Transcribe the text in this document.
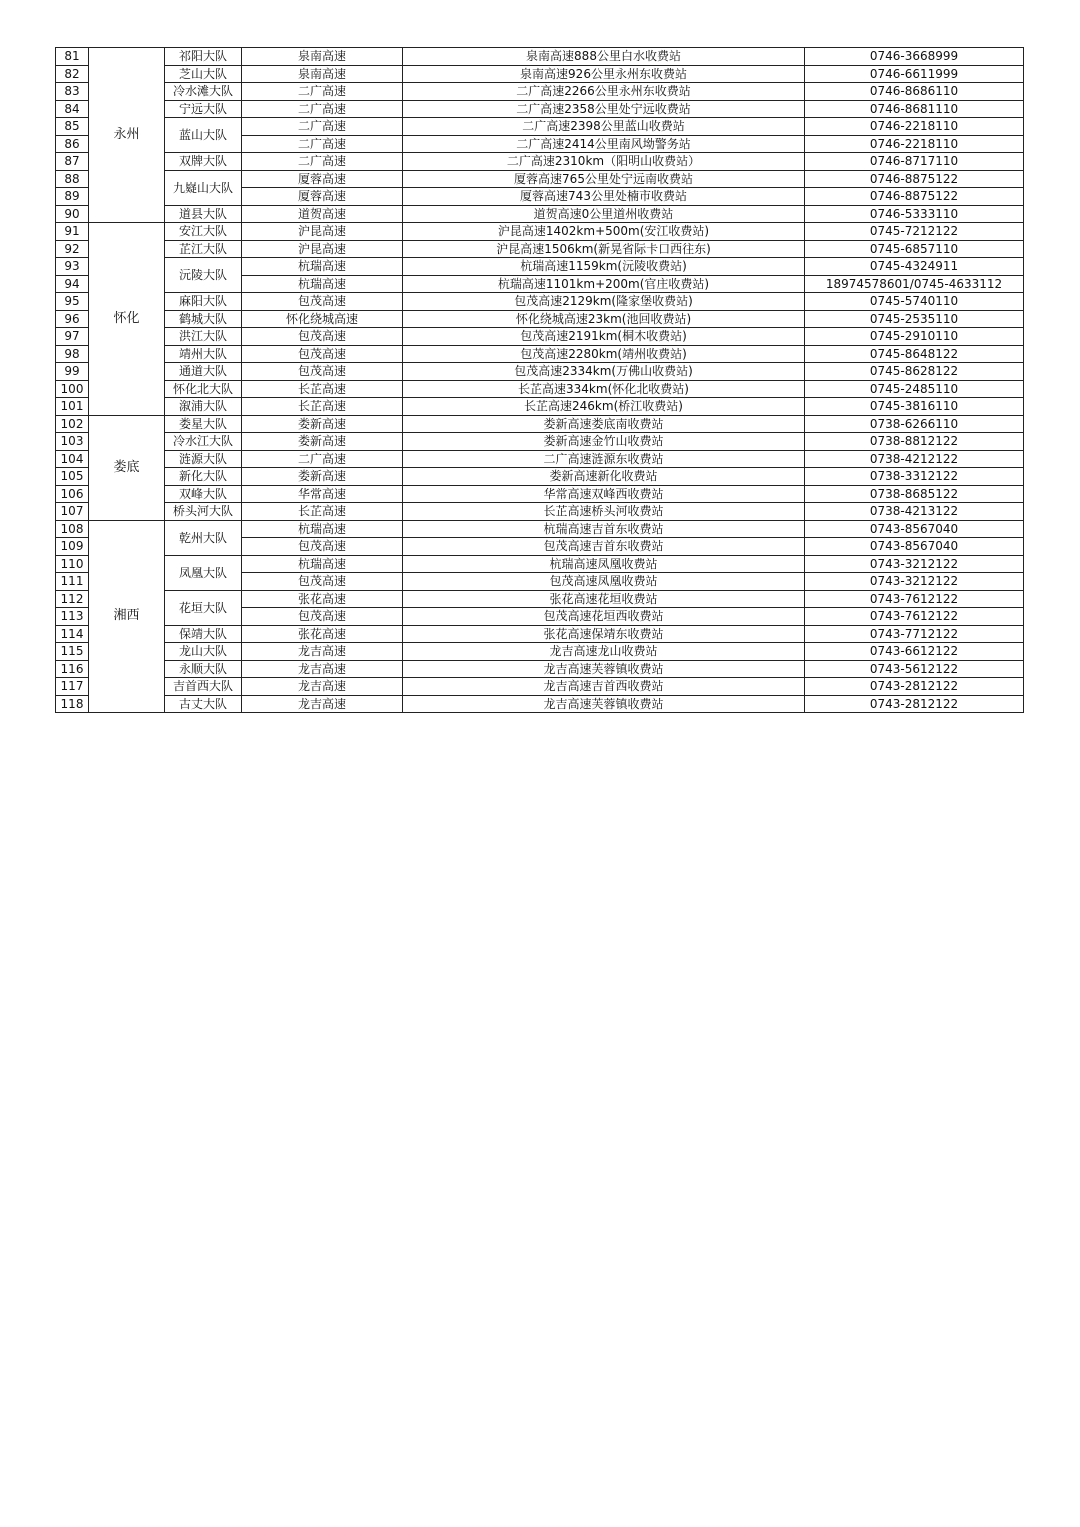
81	永州	祁阳大队	泉南高速	泉南高速888公里白水收费站	0746-3668999
82		芝山大队	泉南高速	泉南高速926公里永州东收费站	0746-6611999
83		冷水滩大队	二广高速	二广高速2266公里永州东收费站	0746-8686110
84		宁远大队	二广高速	二广高速2358公里处宁远收费站	0746-8681110
85		蓝山大队	二广高速	二广高速2398公里蓝山收费站	0746-2218110
86			二广高速	二广高速2414公里南风坳警务站	0746-2218110
87		双牌大队	二广高速	二广高速2310km（阳明山收费站）	0746-8717110
88		九嶷山大队	厦蓉高速	厦蓉高速765公里处宁远南收费站	0746-8875122
89			厦蓉高速	厦蓉高速743公里处楠市收费站	0746-8875122
90		道县大队	道贺高速	道贺高速0公里道州收费站	0746-5333110
91	怀化	安江大队	沪昆高速	沪昆高速1402km+500m(安江收费站)	0745-7212122
92		芷江大队	沪昆高速	沪昆高速1506km(新晃省际卡口西往东)	0745-6857110
93		沅陵大队	杭瑞高速	杭瑞高速1159km(沅陵收费站)	0745-4324911
94			杭瑞高速	杭瑞高速1101km+200m(官庄收费站)	18974578601/0745-4633112
95		麻阳大队	包茂高速	包茂高速2129km(隆家堡收费站)	0745-5740110
96		鹤城大队	怀化绕城高速	怀化绕城高速23km(池回收费站)	0745-2535110
97		洪江大队	包茂高速	包茂高速2191km(桐木收费站)	0745-2910110
98		靖州大队	包茂高速	包茂高速2280km(靖州收费站)	0745-8648122
99		通道大队	包茂高速	包茂高速2334km(万佛山收费站)	0745-8628122
100		怀化北大队	长芷高速	长芷高速334km(怀化北收费站)	0745-2485110
101		溆浦大队	长芷高速	长芷高速246km(桥江收费站)	0745-3816110
102	娄底	娄星大队	娄新高速	娄新高速娄底南收费站	0738-6266110
103		冷水江大队	娄新高速	娄新高速金竹山收费站	0738-8812122
104		涟源大队	二广高速	二广高速涟源东收费站	0738-4212122
105		新化大队	娄新高速	娄新高速新化收费站	0738-3312122
106		双峰大队	华常高速	华常高速双峰西收费站	0738-8685122
107		桥头河大队	长芷高速	长芷高速桥头河收费站	0738-4213122
108	湘西	乾州大队	杭瑞高速	杭瑞高速吉首东收费站	0743-8567040
109			包茂高速	包茂高速吉首东收费站	0743-8567040
110		凤凰大队	杭瑞高速	杭瑞高速凤凰收费站	0743-3212122
111			包茂高速	包茂高速凤凰收费站	0743-3212122
112		花垣大队	张花高速	张花高速花垣收费站	0743-7612122
113			包茂高速	包茂高速花垣西收费站	0743-7612122
114		保靖大队	张花高速	张花高速保靖东收费站	0743-7712122
115		龙山大队	龙吉高速	龙吉高速龙山收费站	0743-6612122
116		永顺大队	龙吉高速	龙吉高速芙蓉镇收费站	0743-5612122
117		吉首西大队	龙吉高速	龙吉高速吉首西收费站	0743-2812122
118		古丈大队	龙吉高速	龙吉高速芙蓉镇收费站	0743-2812122
